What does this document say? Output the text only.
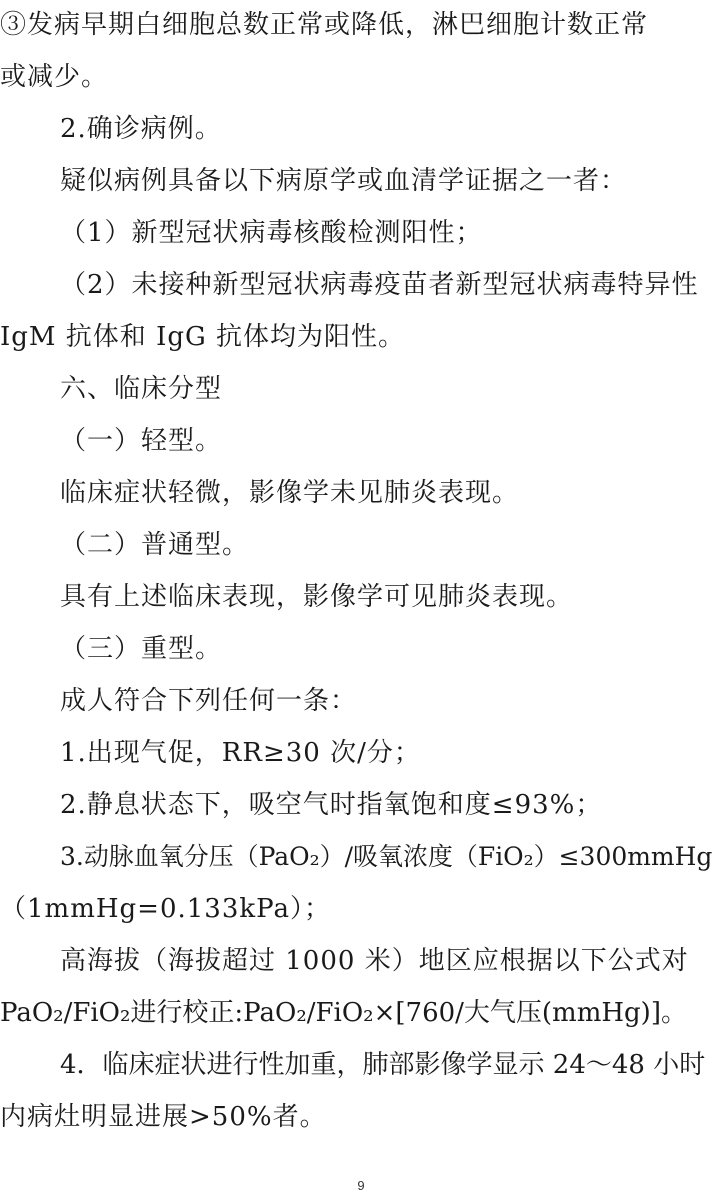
③发病早期白细胞总数正常或降低，淋巴细胞计数正常
或减少。
2.确诊病例。
疑似病例具备以下病原学或血清学证据之一者：
（1）新型冠状病毒核酸检测阳性；
（2）未接种新型冠状病毒疫苗者新型冠状病毒特异性
IgM 抗体和 IgG 抗体均为阳性。
六、临床分型
（一）轻型。
临床症状轻微，影像学未见肺炎表现。
（二）普通型。
具有上述临床表现，影像学可见肺炎表现。
（三）重型。
成人符合下列任何一条：
1.出现气促，RR≥30 次/分；
2.静息状态下，吸空气时指氧饱和度≤93%；
3.动脉血氧分压（PaO₂）/吸氧浓度（FiO₂）≤300mmHg
（1mmHg=0.133kPa）；
高海拔（海拔超过 1000 米）地区应根据以下公式对
PaO₂/FiO₂进行校正:PaO₂/FiO₂×[760/大气压(mmHg)]。
4．临床症状进行性加重，肺部影像学显示 24～48 小时
内病灶明显进展>50%者。
9
